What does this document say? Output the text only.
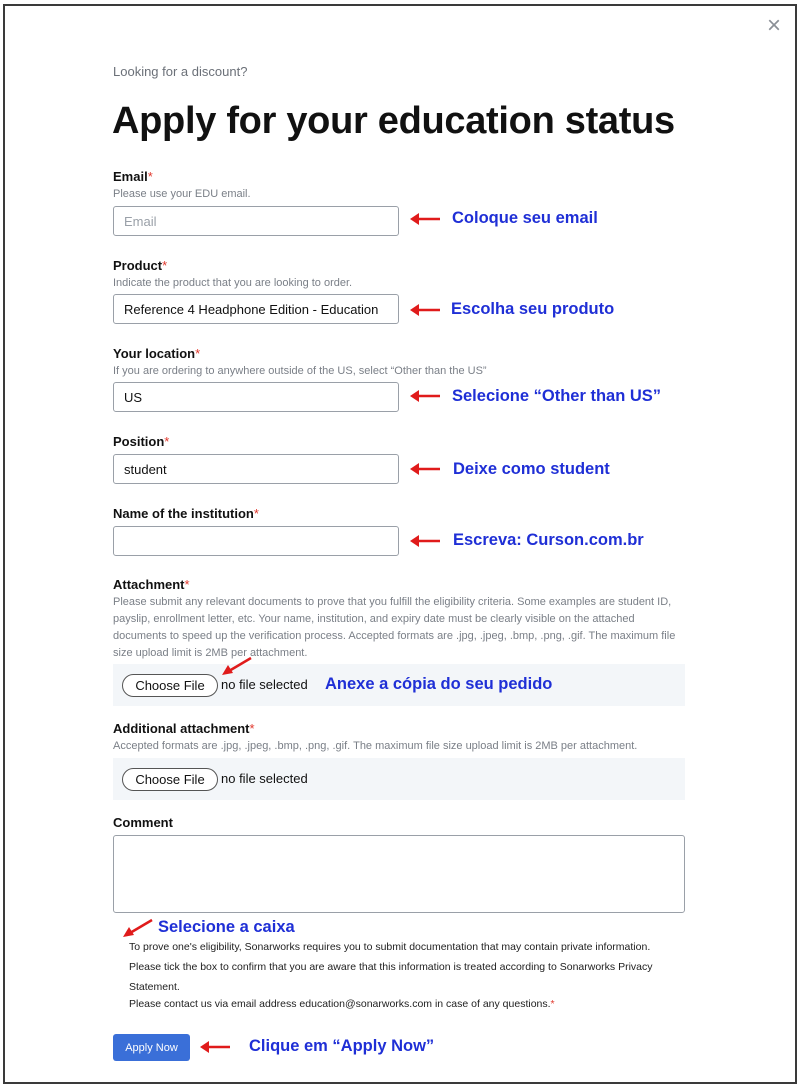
×
Looking for a discount?
Apply for your education status
Email*
Please use your EDU email.
Email
Product*
Indicate the product that you are looking to order.
Reference 4 Headphone Edition - Education
Your location*
If you are ordering to anywhere outside of the US, select “Other than the US”
US
Position*
student
Name of the institution*
Attachment*
Please submit any relevant documents to prove that you fulfill the eligibility criteria. Some examples are student ID, payslip, enrollment letter, etc. Your name, institution, and expiry date must be clearly visible on the attached documents to speed up the verification process. Accepted formats are .jpg, .jpeg, .bmp, .png, .gif. The maximum file size upload limit is 2MB per attachment.
Choose File	no file selected
Additional attachment*
Accepted formats are .jpg, .jpeg, .bmp, .png, .gif. The maximum file size upload limit is 2MB per attachment.
Choose File	no file selected
Comment
To prove one's eligibility, Sonarworks requires you to submit documentation that may contain private information. Please tick the box to confirm that you are aware that this information is treated according to Sonarworks Privacy Statement.
Please contact us via email address education@sonarworks.com in case of any questions.*
Apply Now
Coloque seu email
Escolha seu produto
Selecione “Other than US”
Deixe como student
Escreva: Curson.com.br
Anexe a cópia do seu pedido
Selecione a caixa
Clique em “Apply Now”
